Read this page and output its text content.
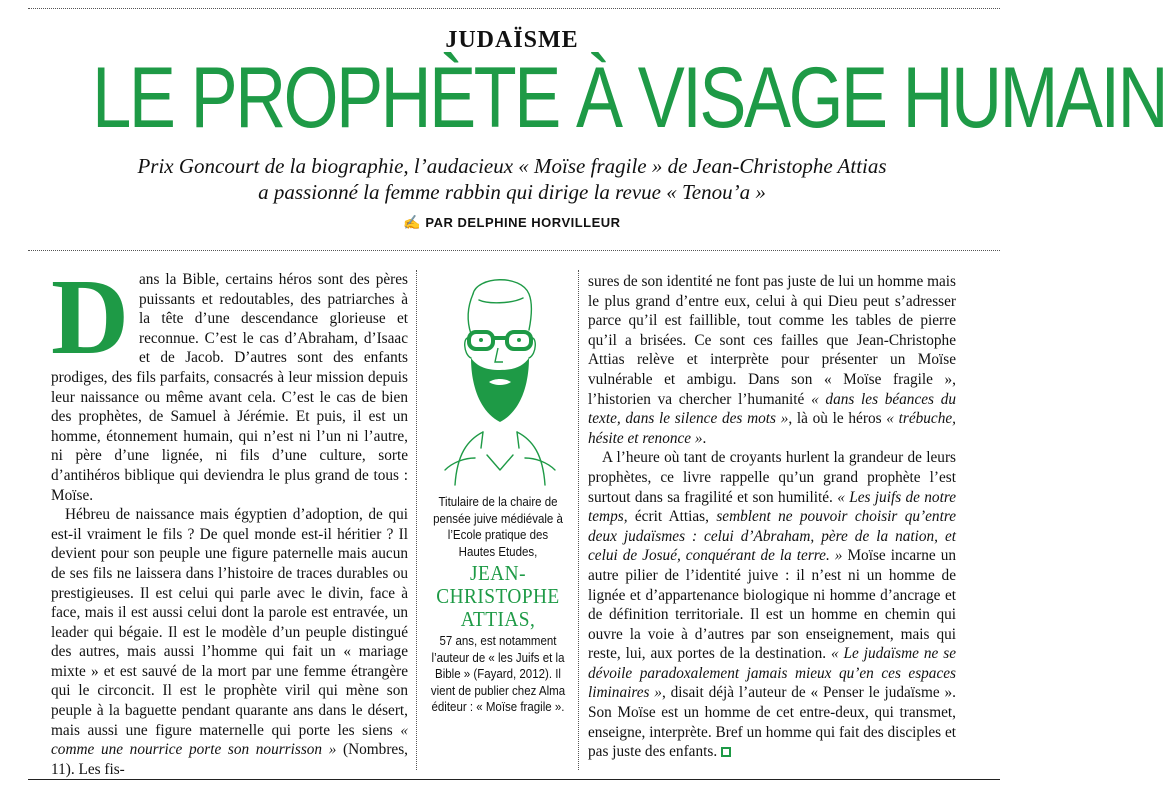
JUDAÏSME
LE PROPHÈTE À VISAGE HUMAIN
Prix Goncourt de la biographie, l’audacieux « Moïse fragile » de Jean-Christophe Attias
a passionné la femme rabbin qui dirige la revue « Tenou’a »
✍ PAR DELPHINE HORVILLEUR

Dans la Bible, certains héros sont des pères puissants et redoutables, des patriarches à la tête d’une descendance glorieuse et reconnue. C’est le cas d’Abraham, d’Isaac et de Jacob. D’autres sont des enfants prodiges, des fils parfaits, consacrés à leur mission depuis leur naissance ou même avant cela. C’est le cas de bien des prophètes, de Samuel à Jérémie. Et puis, il est un homme, étonnement humain, qui n’est ni l’un ni l’autre, ni père d’une lignée, ni fils d’une culture, sorte d’antihéros biblique qui deviendra le plus grand de tous : Moïse.

Hébreu de naissance mais égyptien d’adoption, de qui est-il vraiment le fils ? De quel monde est-il héritier ? Il devient pour son peuple une figure paternelle mais aucun de ses fils ne laissera dans l’histoire de traces durables ou prestigieuses. Il est celui qui parle avec le divin, face à face, mais il est aussi celui dont la parole est entravée, un leader qui bégaie. Il est le modèle d’un peuple distingué des autres, mais aussi l’homme qui fait un « mariage mixte » et est sauvé de la mort par une femme étrangère qui le circoncit. Il est le prophète viril qui mène son peuple à la baguette pendant quarante ans dans le désert, mais aussi une figure maternelle qui porte les siens « comme une nourrice porte son nourrisson » (Nombres, 11). Les fis-

Titulaire de la chaire de pensée juive médiévale à l’Ecole pratique des Hautes Etudes,
JEAN-CHRISTOPHE ATTIAS,
57 ans, est notamment l’auteur de « les Juifs et la Bible » (Fayard, 2012). Il vient de publier chez Alma éditeur : « Moïse fragile ».

sures de son identité ne font pas juste de lui un homme mais le plus grand d’entre eux, celui à qui Dieu peut s’adresser parce qu’il est faillible, tout comme les tables de pierre qu’il a brisées. Ce sont ces failles que Jean-Christophe Attias relève et interprète pour présenter un Moïse vulnérable et ambigu. Dans son « Moïse fragile », l’historien va chercher l’humanité « dans les béances du texte, dans le silence des mots », là où le héros « trébuche, hésite et renonce ».

A l’heure où tant de croyants hurlent la grandeur de leurs prophètes, ce livre rappelle qu’un grand prophète l’est surtout dans sa fragilité et son humilité. « Les juifs de notre temps, écrit Attias, semblent ne pouvoir choisir qu’entre deux judaïsmes : celui d’Abraham, père de la nation, et celui de Josué, conquérant de la terre. » Moïse incarne un autre pilier de l’identité juive : il n’est ni un homme de lignée et d’appartenance biologique ni homme d’ancrage et de définition territoriale. Il est un homme en chemin qui ouvre la voie à d’autres par son enseignement, mais qui reste, lui, aux portes de la destination. « Le judaïsme ne se dévoile paradoxalement jamais mieux qu’en ces espaces liminaires », disait déjà l’auteur de « Penser le judaïsme ». Son Moïse est un homme de cet entre-deux, qui transmet, enseigne, interprète. Bref un homme qui fait des disciples et pas juste des enfants.
